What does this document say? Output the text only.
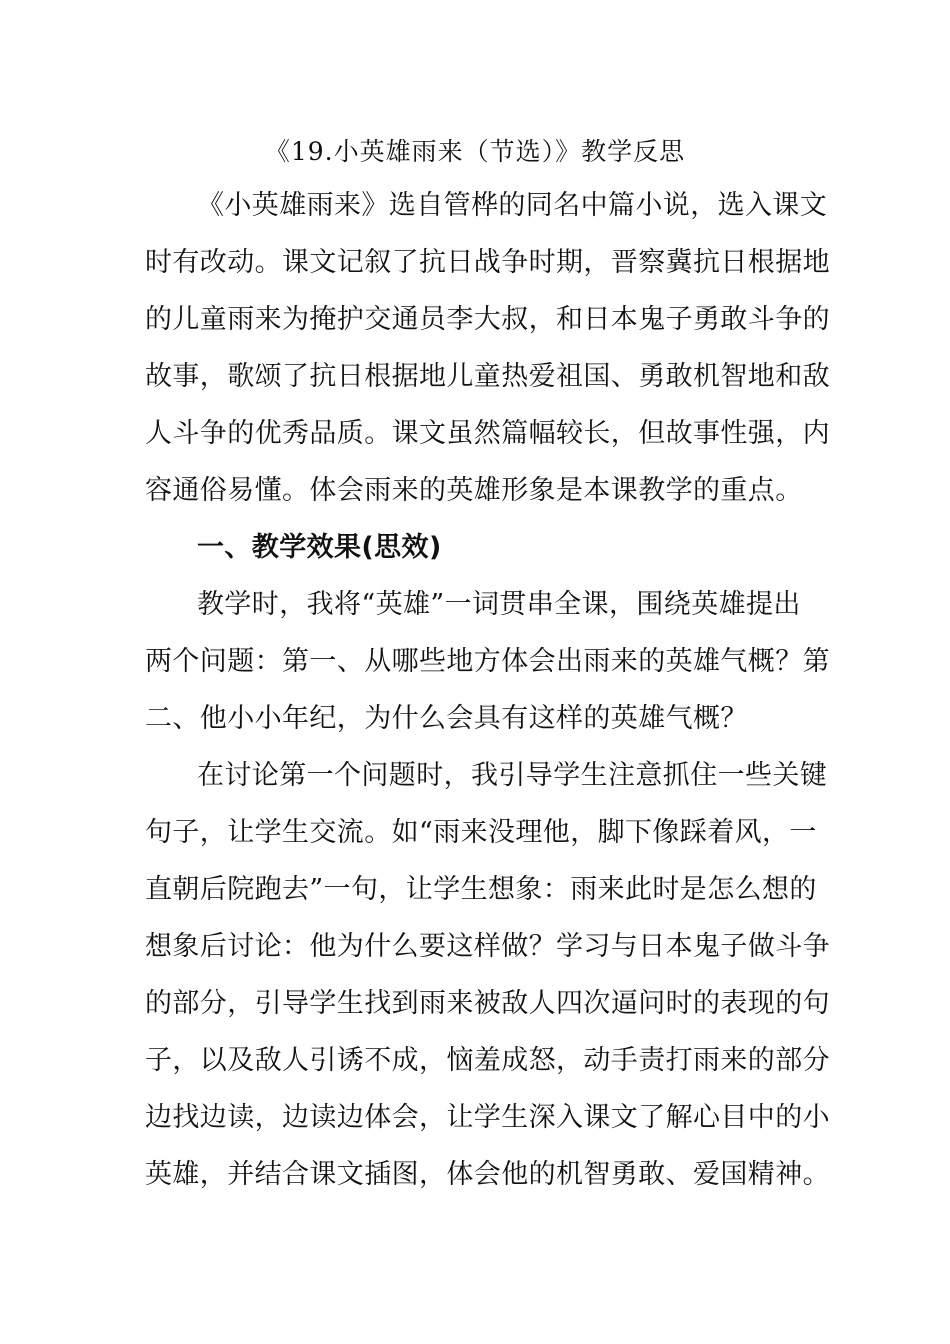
《19.小英雄雨来（节选）》教学反思
《小英雄雨来》选自管桦的同名中篇小说，选入课文
时有改动。课文记叙了抗日战争时期，晋察冀抗日根据地
的儿童雨来为掩护交通员李大叔，和日本鬼子勇敢斗争的
故事，歌颂了抗日根据地儿童热爱祖国、勇敢机智地和敌
人斗争的优秀品质。课文虽然篇幅较长，但故事性强，内
容通俗易懂。体会雨来的英雄形象是本课教学的重点。
一、教学效果(思效)
教学时，我将“英雄”一词贯串全课，围绕英雄提出
两个问题：第一、从哪些地方体会出雨来的英雄气概？第
二、他小小年纪，为什么会具有这样的英雄气概？
在讨论第一个问题时，我引导学生注意抓住一些关键
句子，让学生交流。如“雨来没理他，脚下像踩着风，一
直朝后院跑去”一句，让学生想象：雨来此时是怎么想的
想象后讨论：他为什么要这样做？学习与日本鬼子做斗争
的部分，引导学生找到雨来被敌人四次逼问时的表现的句
子，以及敌人引诱不成，恼羞成怒，动手责打雨来的部分
边找边读，边读边体会，让学生深入课文了解心目中的小
英雄，并结合课文插图，体会他的机智勇敢、爱国精神。
